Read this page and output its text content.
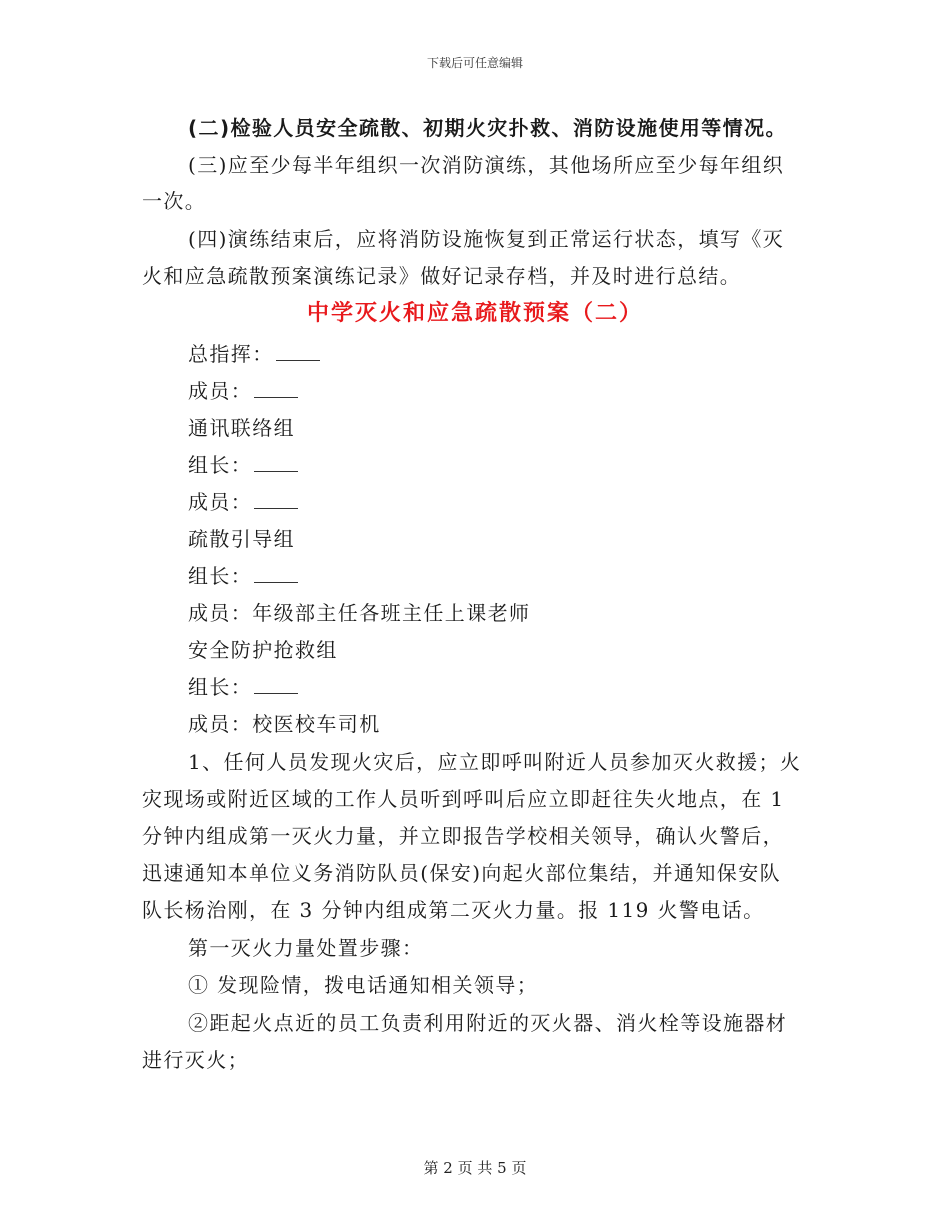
下载后可任意编辑
(二)检验人员安全疏散、初期火灾扑救、消防设施使用等情况。
(三)应至少每半年组织一次消防演练，其他场所应至少每年组织
一次。
(四)演练结束后，应将消防设施恢复到正常运行状态，填写《灭
火和应急疏散预案演练记录》做好记录存档，并及时进行总结。
中学灭火和应急疏散预案（二）
总指挥：
成员：
通讯联络组
组长：
成员：
疏散引导组
组长：
成员：年级部主任各班主任上课老师
安全防护抢救组
组长：
成员：校医校车司机
1、任何人员发现火灾后，应立即呼叫附近人员参加灭火救援；火
灾现场或附近区域的工作人员听到呼叫后应立即赶往失火地点，在 1
分钟内组成第一灭火力量，并立即报告学校相关领导，确认火警后，
迅速通知本单位义务消防队员(保安)向起火部位集结，并通知保安队
队长杨治刚，在 3 分钟内组成第二灭火力量。报 119 火警电话。
第一灭火力量处置步骤：
① 发现险情，拨电话通知相关领导；
②距起火点近的员工负责利用附近的灭火器、消火栓等设施器材
进行灭火；
第 2 页 共 5 页
